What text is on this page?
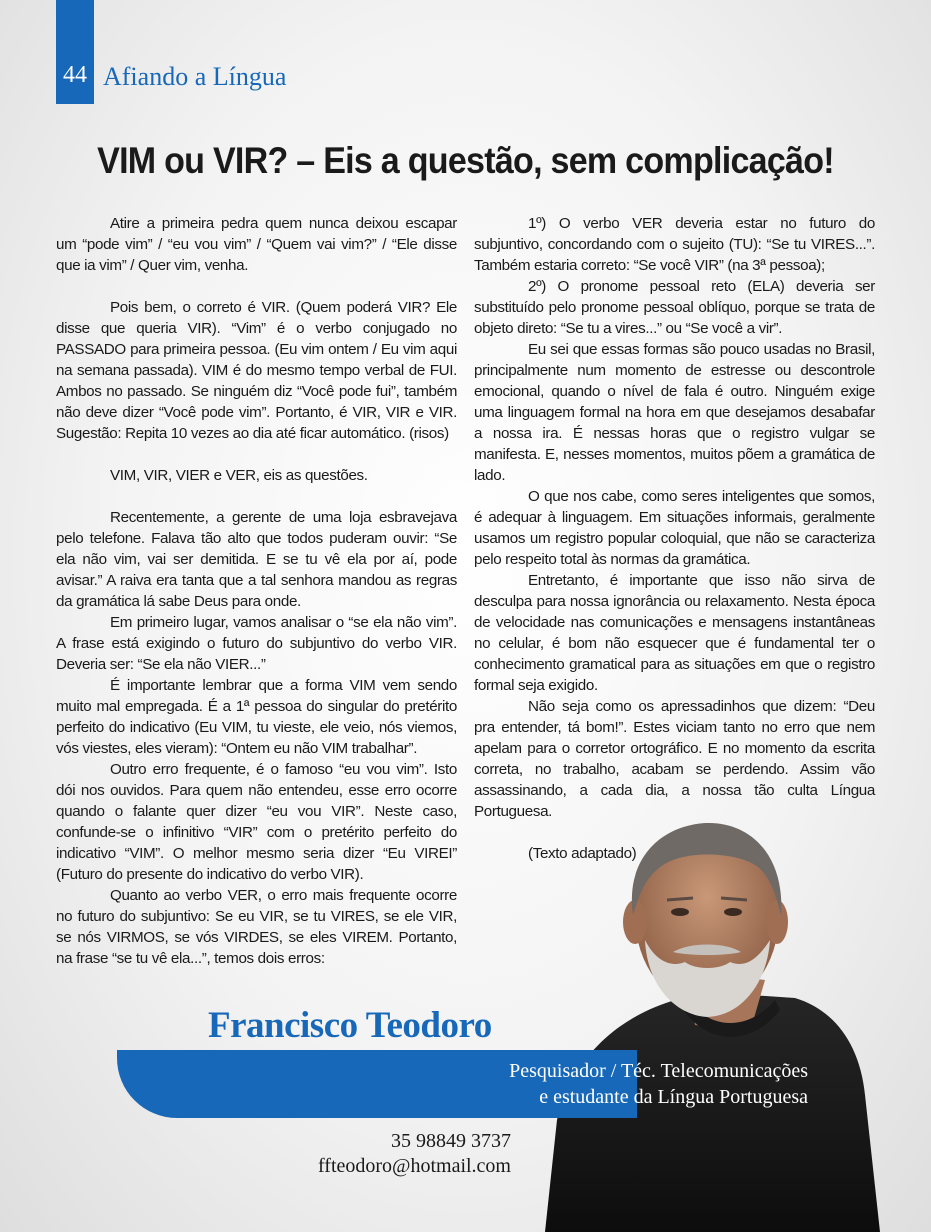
44 Afiando a Língua
VIM ou VIR? – Eis a questão, sem complicação!

Atire a primeira pedra quem nunca deixou escapar um “pode vim” / “eu vou vim” / “Quem vai vim?” / “Ele disse que ia vim” / Quer vim, venha.

Pois bem, o correto é VIR. (Quem poderá VIR? Ele disse que queria VIR). “Vim” é o verbo conjugado no PASSADO para primeira pessoa. (Eu vim ontem / Eu vim aqui na semana passada). VIM é do mesmo tempo verbal de FUI. Ambos no passado. Se ninguém diz “Você pode fui”, também não deve dizer “Você pode vim”. Portanto, é VIR, VIR e VIR. Sugestão: Repita 10 vezes ao dia até ficar automático. (risos)

VIM, VIR, VIER e VER, eis as questões.

Recentemente, a gerente de uma loja esbravejava pelo telefone. Falava tão alto que todos puderam ouvir: “Se ela não vim, vai ser demitida. E se tu vê ela por aí, pode avisar.” A raiva era tanta que a tal senhora mandou as regras da gramática lá sabe Deus para onde.

Em primeiro lugar, vamos analisar o “se ela não vim”. A frase está exigindo o futuro do subjuntivo do verbo VIR. Deveria ser: “Se ela não VIER...”

É importante lembrar que a forma VIM vem sendo muito mal empregada. É a 1ª pessoa do singular do pretérito perfeito do indicativo (Eu VIM, tu vieste, ele veio, nós viemos, vós viestes, eles vieram): “Ontem eu não VIM trabalhar”.

Outro erro frequente, é o famoso “eu vou vim”. Isto dói nos ouvidos. Para quem não entendeu, esse erro ocorre quando o falante quer dizer “eu vou VIR”. Neste caso, confunde-se o infinitivo “VIR” com o pretérito perfeito do indicativo “VIM”. O melhor mesmo seria dizer “Eu VIREI” (Futuro do presente do indicativo do verbo VIR).

Quanto ao verbo VER, o erro mais frequente ocorre no futuro do subjuntivo: Se eu VIR, se tu VIRES, se ele VIR, se nós VIRMOS, se vós VIRDES, se eles VIREM. Portanto, na frase “se tu vê ela...”, temos dois erros:

1º) O verbo VER deveria estar no futuro do subjuntivo, concordando com o sujeito (TU): “Se tu VIRES...”. Também estaria correto: “Se você VIR” (na 3ª pessoa);

2º) O pronome pessoal reto (ELA) deveria ser substituído pelo pronome pessoal oblíquo, porque se trata de objeto direto: “Se tu a vires...” ou “Se você a vir”.

Eu sei que essas formas são pouco usadas no Brasil, principalmente num momento de estresse ou descontrole emocional, quando o nível de fala é outro. Ninguém exige uma linguagem formal na hora em que desejamos desabafar a nossa ira. É nessas horas que o registro vulgar se manifesta. E, nesses momentos, muitos põem a gramática de lado.

O que nos cabe, como seres inteligentes que somos, é adequar à linguagem. Em situações informais, geralmente usamos um registro popular coloquial, que não se caracteriza pelo respeito total às normas da gramática.

Entretanto, é importante que isso não sirva de desculpa para nossa ignorância ou relaxamento. Nesta época de velocidade nas comunicações e mensagens instantâneas no celular, é bom não esquecer que é fundamental ter o conhecimento gramatical para as situações em que o registro formal seja exigido.

Não seja como os apressadinhos que dizem: “Deu pra entender, tá bom!”. Estes viciam tanto no erro que nem apelam para o corretor ortográfico. E no momento da escrita correta, no trabalho, acabam se perdendo. Assim vão assassinando, a cada dia, a nossa tão culta Língua Portuguesa.

(Texto adaptado)

Francisco Teodoro
Pesquisador / Téc. Telecomunicações
e estudante da Língua Portuguesa
35 98849 3737
ffteodoro@hotmail.com
